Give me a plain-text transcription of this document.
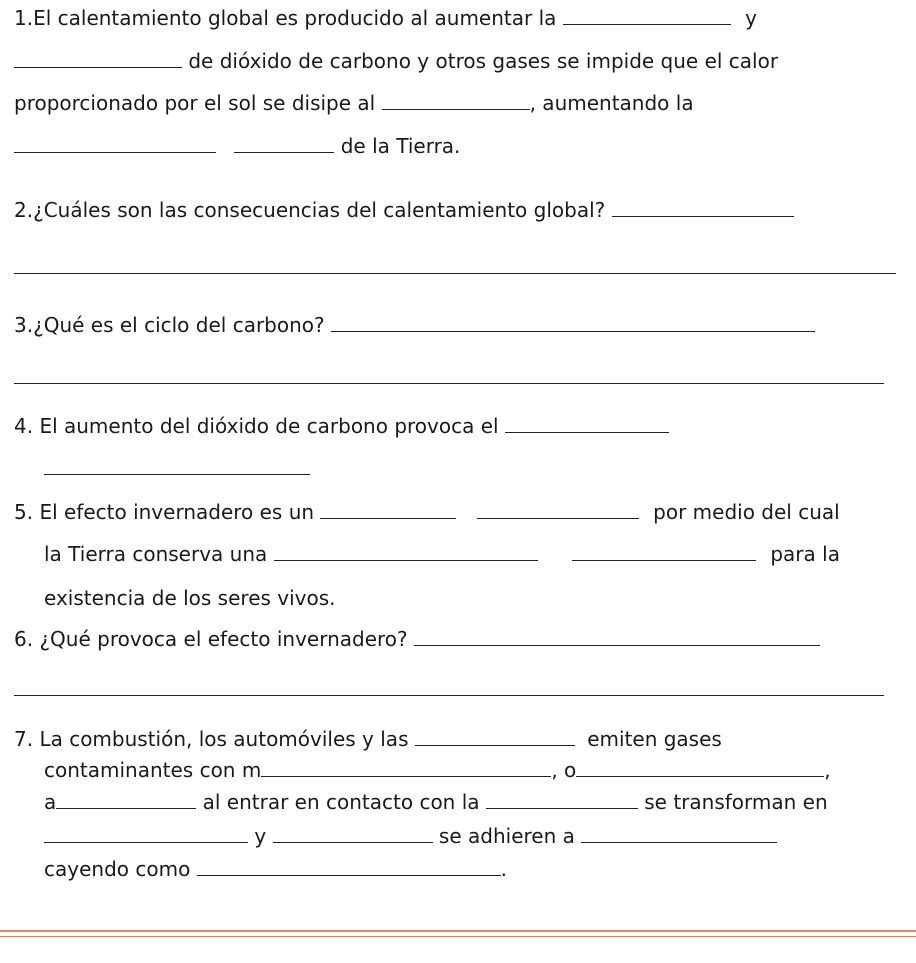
1.El calentamiento global es producido al aumentar la	y
de dióxido de carbono y otros gases se impide que el calor
proporcionado por el sol se disipe al	, aumentando la
de la Tierra.
2.¿Cuáles son las consecuencias del calentamiento global?
3.¿Qué es el ciclo del carbono?
4. El aumento del dióxido de carbono provoca el
5. El efecto invernadero es un	por medio del cual
la Tierra conserva una	para la
existencia de los seres vivos.
6. ¿Qué provoca el efecto invernadero?
7. La combustión, los automóviles y las	emiten gases
contaminantes con m	, o	,
a	al entrar en contacto con la	se transforman en
y	se adhieren a
cayendo como	.
